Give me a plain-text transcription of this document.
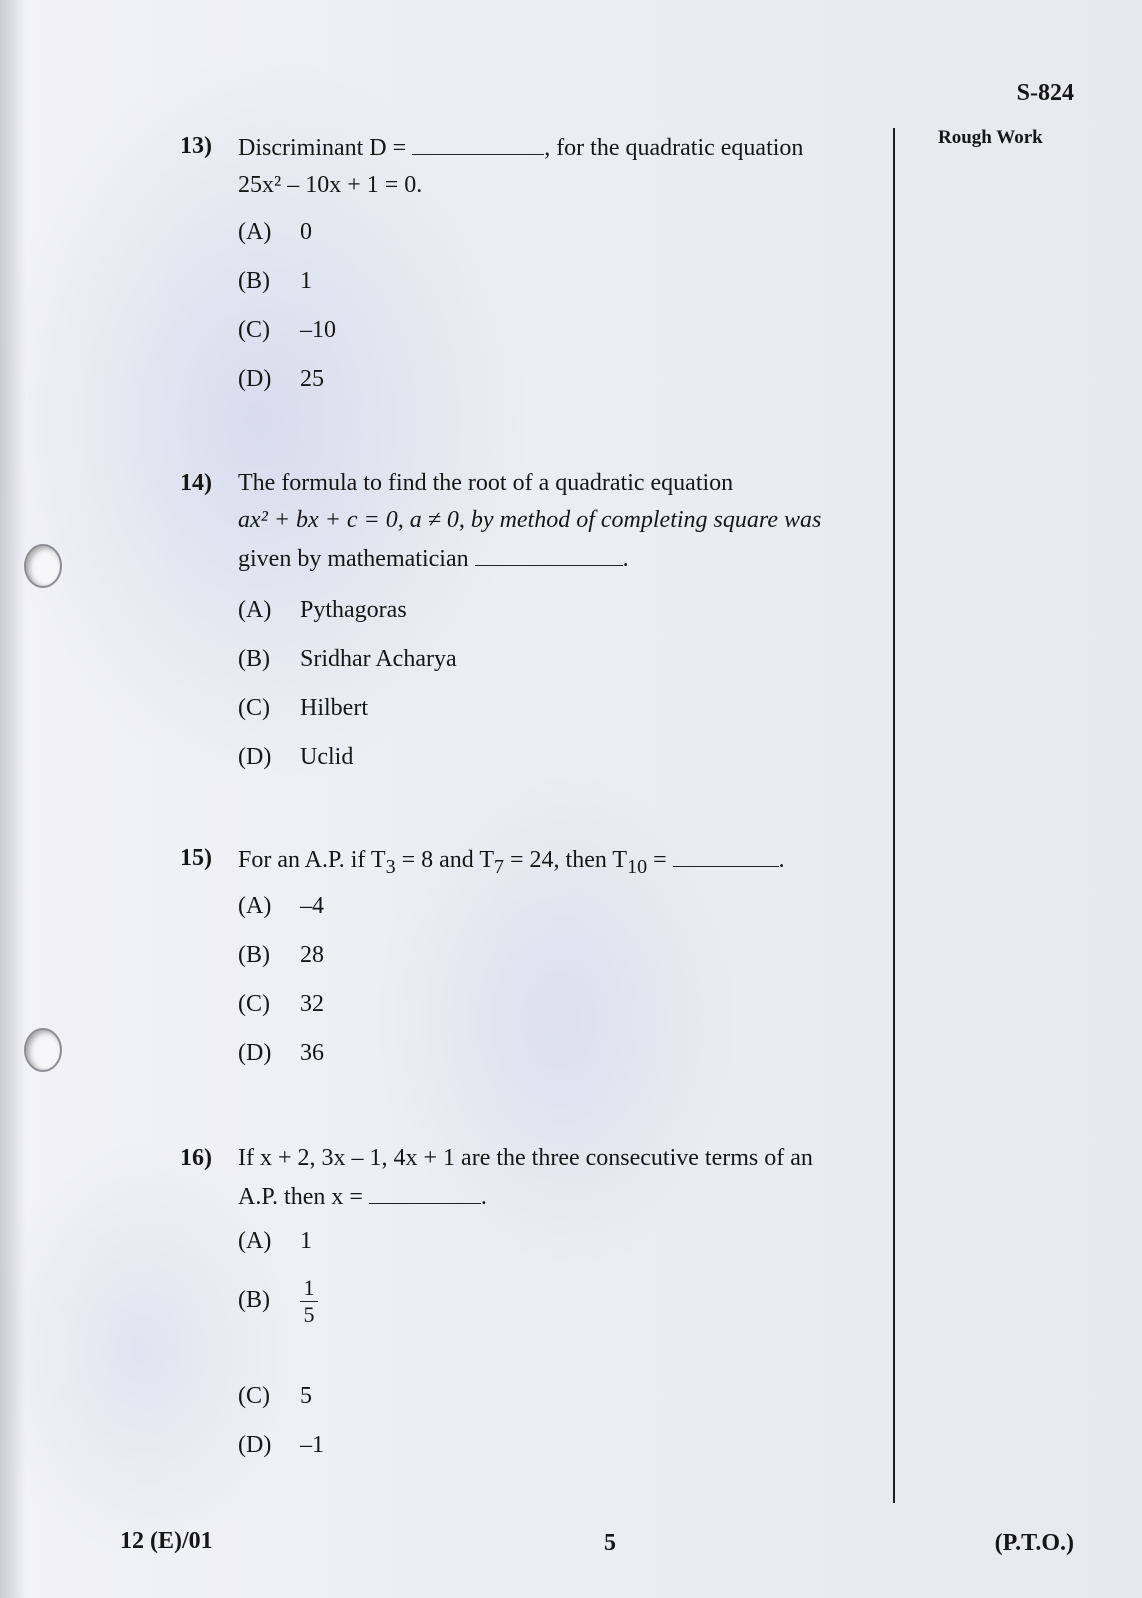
S-824
Rough Work
13) Discriminant D =	, for the quadratic equation
25x² – 10x + 1 = 0.
(A) 0
(B) 1
(C) –10
(D) 25
14) The formula to find the root of a quadratic equation
ax² + bx + c = 0, a ≠ 0, by method of completing square was
given by mathematician	.
(A) Pythagoras
(B) Sridhar Acharya
(C) Hilbert
(D) Uclid
15) For an A.P. if $T_3 = 8$ and $T_7 = 24$, then $T_{10}$ =	.
(A) –4
(B) 28
(C) 32
(D) 36
16) If x + 2, 3x – 1, 4x + 1 are the three consecutive terms of an
A.P. then x =	.
(A) 1
$(B) \frac{1}{5}$
(C) 5
(D) –1
12 (E)/01	5	(P.T.O.)
